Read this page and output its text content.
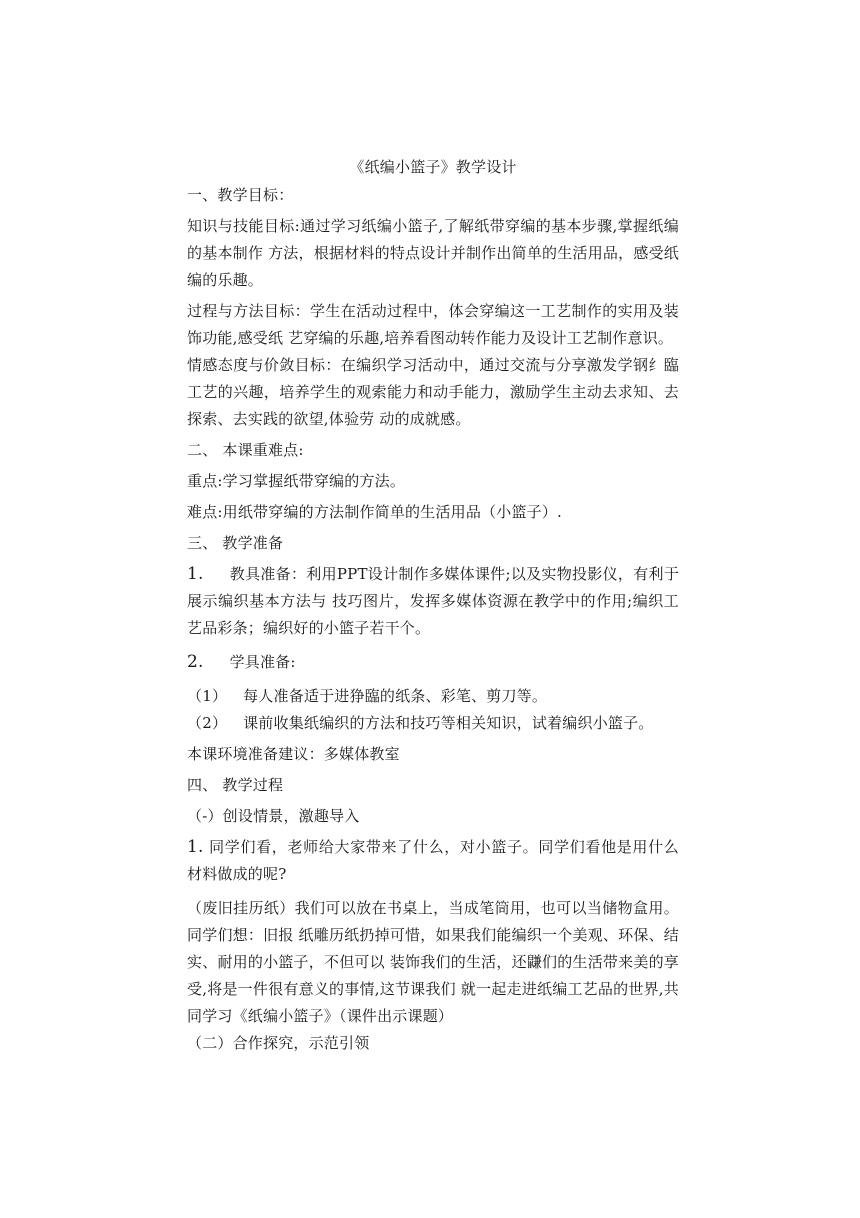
《纸编小篮子》教学设计

一、教学目标：

知识与技能目标:通过学习纸编小篮子,了解纸带穿编的基本步骤,掌握纸编的基本制作 方法，根据材料的特点设计并制作出简单的生活用品，感受纸编的乐趣。

过程与方法目标：学生在活动过程中，体会穿编这一工艺制作的实用及装饰功能,感受纸 艺穿编的乐趣,培养看图动转作能力及设计工艺制作意识。

情感态度与价敛目标：在编织学习活动中，通过交流与分享激发学钢纟臨工艺的兴趣，培养学生的观索能力和动手能力，激励学生主动去求知、去探索、去实践的欲望,体验劳 动的成就感。

二、 本课重难点:

重点:学习掌握纸带穿编的方法。

难点:用纸带穿编的方法制作简单的生活用品（小篮子）.

三、 教学准备

1. 教具准备：利用PPT设计制作多媒体课件;以及实物投影仪，有利于展示编织基本方法与 技巧图片，发挥多媒体资源在教学中的作用;编织工艺品彩条；编织好的小篮子若干个。

2. 学具准备:

（1） 每人准备适于进狰臨的纸条、彩笔、剪刀等。

（2） 课前收集纸编织的方法和技巧等相关知识，试着编织小篮子。

本课环境准备建议：多媒体教室

四、 教学过程

（-）创设情景，激趣导入

1. 同学们看，老师给大家带来了什么，对小篮子。同学们看他是用什么材料做成的呢?

（废旧挂历纸）我们可以放在书桌上，当成笔筒用，也可以当储物盒用。同学们想：旧报 纸雕历纸扔掉可惜，如果我们能编织一个美观、环保、结实、耐用的小篮子，不但可以 装饰我们的生活，还鼸们的生活带来美的享受,将是一件很有意义的事情,这节课我们 就一起走进纸编工艺品的世界,共同学习《纸编小篮子》（课件出示课题）

（二）合作探究，示范引领
